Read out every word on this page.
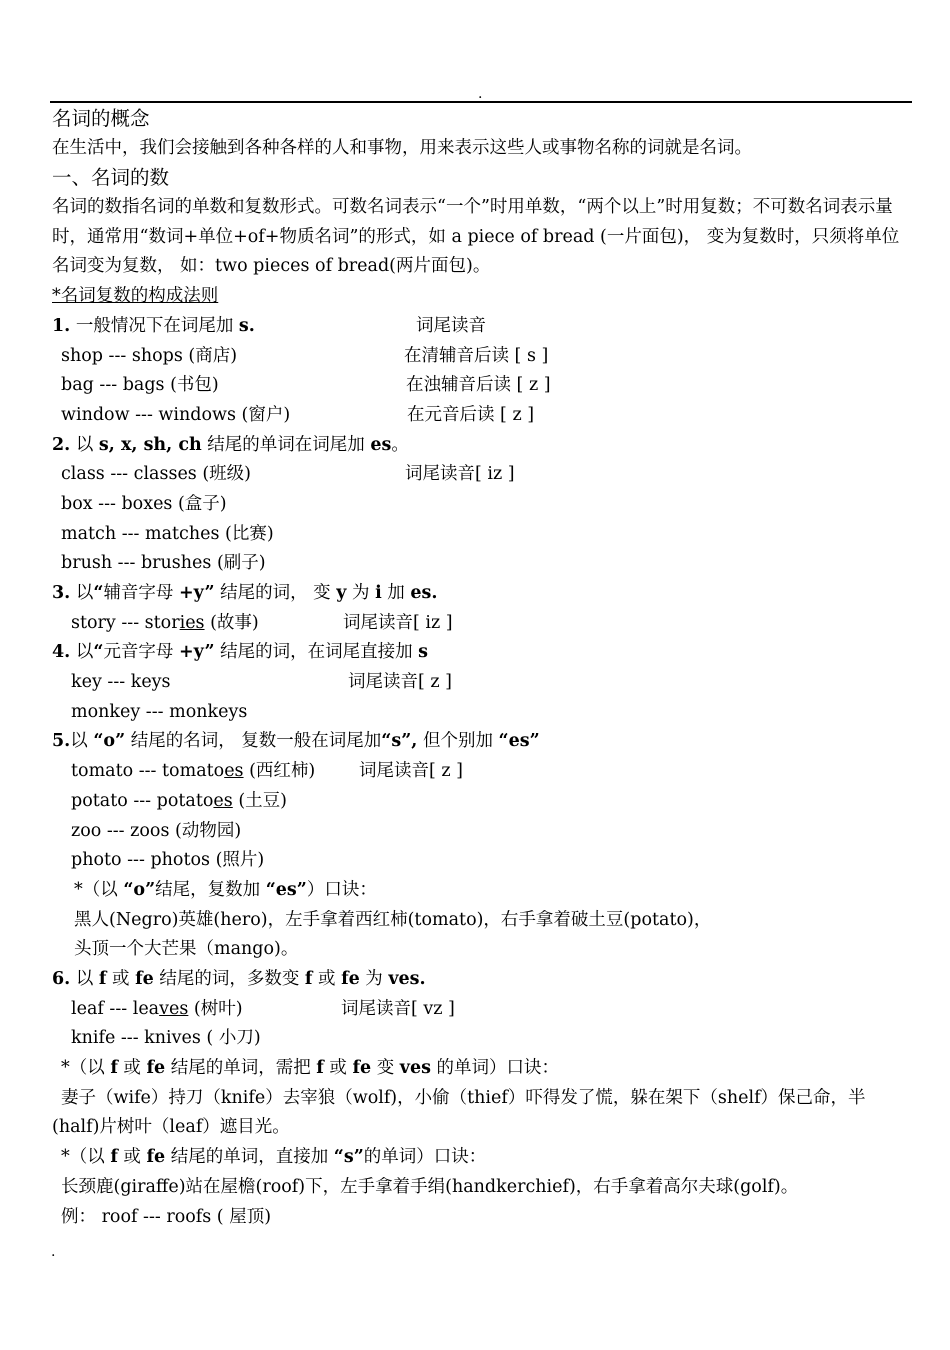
.
名词的概念
在生活中，我们会接触到各种各样的人和事物，用来表示这些人或事物名称的词就是名词。
一、名词的数
名词的数指名词的单数和复数形式。可数名词表示“一个”时用单数，“两个以上”时用复数；不可数名词表示量时，通常用“数词+单位+of+物质名词”的形式，如 a piece of bread (一片面包)， 变为复数时，只须将单位名词变为复数， 如：two pieces of bread(两片面包)。
*名词复数的构成法则
1. 一般情况下在词尾加 s.	词尾读音
shop --- shops (商店)	在清辅音后读 [ s ]
bag --- bags (书包)	在浊辅音后读 [ z ]
window --- windows (窗户)	在元音后读 [ z ]
2. 以 s, x, sh, ch 结尾的单词在词尾加 es。
class --- classes (班级)	词尾读音[ iz ]
box --- boxes (盒子)
match --- matches (比赛)
brush --- brushes (刷子)
3. 以“辅音字母 +y” 结尾的词， 变 y 为 i 加 es.
story --- stories (故事)	词尾读音[ iz ]
4. 以“元音字母 +y” 结尾的词，在词尾直接加 s
key --- keys	词尾读音[ z ]
monkey --- monkeys
5.以 “o” 结尾的名词， 复数一般在词尾加“s”, 但个别加 “es”
tomato --- tomatoes (西红柿) 词尾读音[ z ]
potato --- potatoes (土豆)
zoo --- zoos (动物园)
photo --- photos (照片)
*（以 “o”结尾，复数加 “es”）口诀：
黑人(Negro)英雄(hero)，左手拿着西红柿(tomato)，右手拿着破土豆(potato)，
头顶一个大芒果（mango)。
6. 以 f 或 fe 结尾的词，多数变 f 或 fe 为 ves.
leaf --- leaves (树叶)	词尾读音[ vz ]
knife --- knives ( 小刀)
*（以 f 或 fe 结尾的单词，需把 f 或 fe 变 ves 的单词）口诀：
妻子（wife）持刀（knife）去宰狼（wolf)，小偷（thief）吓得发了慌，躲在架下（shelf）保己命，半(half)片树叶（leaf）遮目光。
*（以 f 或 fe 结尾的单词，直接加 “s”的单词）口诀：
长颈鹿(giraffe)站在屋檐(roof)下，左手拿着手绢(handkerchief)，右手拿着高尔夫球(golf)。
例： roof --- roofs ( 屋顶)
.
